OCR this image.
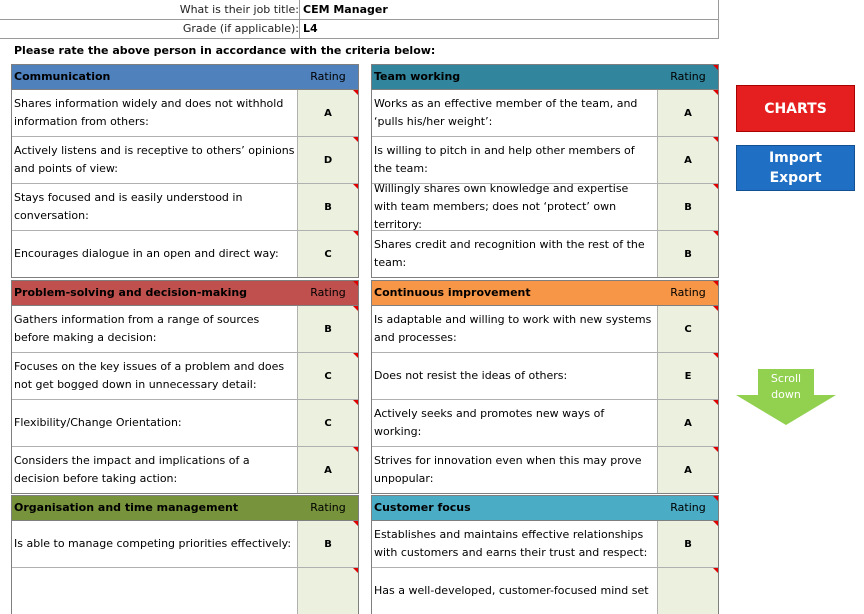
What is their job title: CEM Manager
Grade (if applicable): L4
Please rate the above person in accordance with the criteria below:
Communication	Rating
Shares information widely and does not withhold information from others:
A
Actively listens and is receptive to others’ opinions and points of view:
D
Stays focused and is easily understood in conversation:
B
Encourages dialogue in an open and direct way:	C
Team working	Rating
Works as an effective member of the team, and ‘pulls his/her weight’:
A
Is willing to pitch in and help other members of the team:
A
Willingly shares own knowledge and expertise with team members; does not ‘protect’ own territory:
B
Shares credit and recognition with the rest of the team:
B
Problem-solving and decision-making	Rating
Gathers information from a range of sources before making a decision:
B
Focuses on the key issues of a problem and does not get bogged down in unnecessary detail:
C
Flexibility/Change Orientation:	C
Considers the impact and implications of a decision before taking action:
A
Continuous improvement	Rating
Is adaptable and willing to work with new systems and processes:
C
Does not resist the ideas of others:	E
Actively seeks and promotes new ways of working:
A
Strives for innovation even when this may prove unpopular:
A
Organisation and time management	Rating
Is able to manage competing priorities effectively:	B
Customer focus	Rating
Establishes and maintains effective relationships with customers and earns their trust and respect:
B
Has a well-developed, customer-focused mind set
CHARTS
Import Export
Scroll down
